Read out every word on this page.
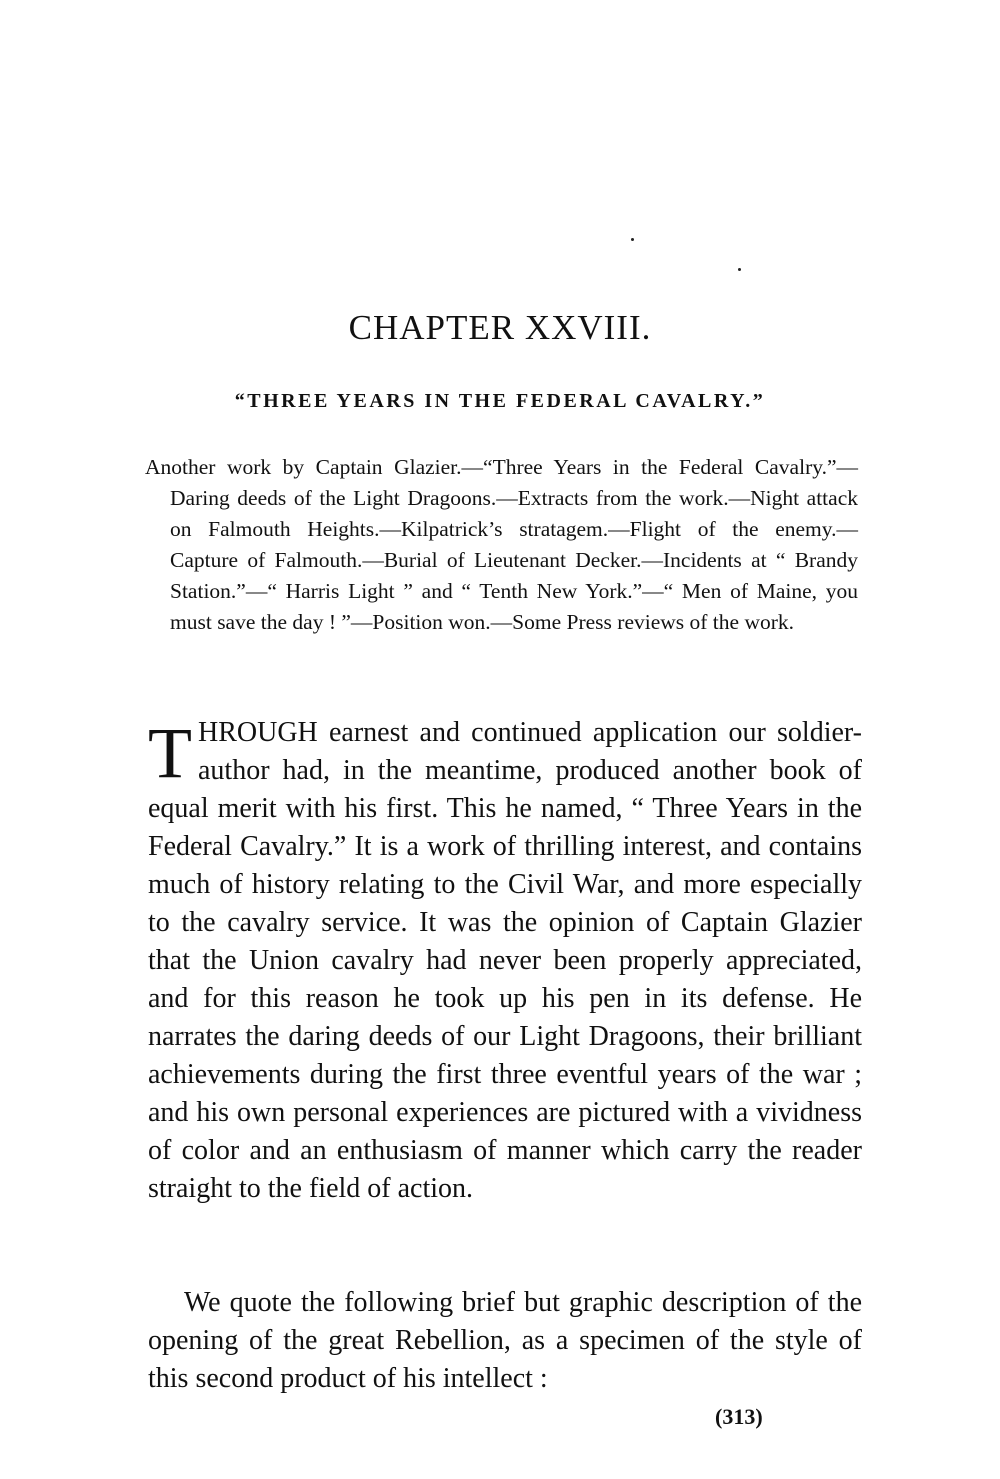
CHAPTER XXVIII.
“THREE YEARS IN THE FEDERAL CAVALRY.”

Another work by Captain Glazier.—“Three Years in the Federal Cavalry.”—Daring deeds of the Light Dragoons.—Extracts from the work.—Night attack on Falmouth Heights.—Kilpatrick’s stratagem.—Flight of the enemy.—Capture of Falmouth.—Burial of Lieutenant Decker.—Incidents at “ Brandy Station.”—“ Harris Light ” and “ Tenth New York.”—“ Men of Maine, you must save the day ! ”—Position won.—Some Press reviews of the work.

THROUGH earnest and continued application our soldier-author had, in the meantime, produced another book of equal merit with his first. This he named, “ Three Years in the Federal Cavalry.” It is a work of thrilling interest, and contains much of history relating to the Civil War, and more especially to the cavalry service. It was the opinion of Captain Glazier that the Union cavalry had never been properly appreciated, and for this reason he took up his pen in its defense. He narrates the daring deeds of our Light Dragoons, their brilliant achievements during the first three eventful years of the war ; and his own personal experiences are pictured with a vividness of color and an enthusiasm of manner which carry the reader straight to the field of action.

We quote the following brief but graphic description of the opening of the great Rebellion, as a specimen of the style of this second product of his intellect :

(313)
